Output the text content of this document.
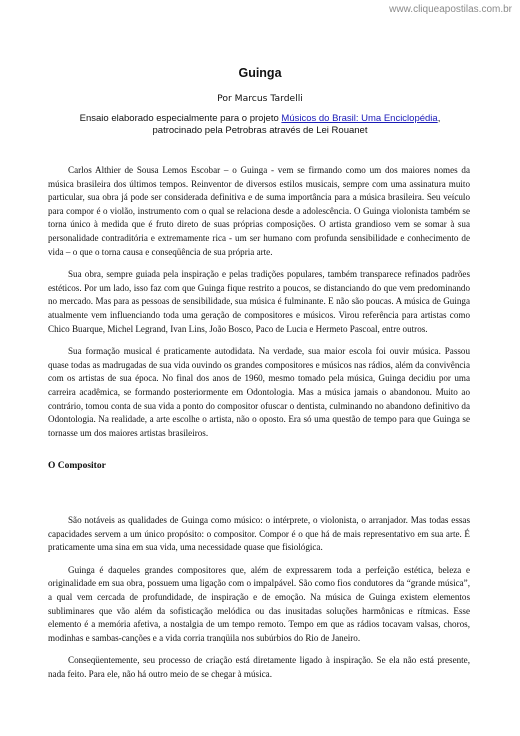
www.cliqueapostilas.com.br
Guinga
Por Marcus Tardelli
Ensaio elaborado especialmente para o projeto Músicos do Brasil: Uma Enciclopédia,
patrocinado pela Petrobras através de Lei Rouanet

Carlos Althier de Sousa Lemos Escobar – o Guinga - vem se firmando como um dos maiores nomes da música brasileira dos últimos tempos. Reinventor de diversos estilos musicais, sempre com uma assinatura muito particular, sua obra já pode ser considerada definitiva e de suma importância para a música brasileira. Seu veículo para compor é o violão, instrumento com o qual se relaciona desde a adolescência. O Guinga violonista também se torna único à medida que é fruto direto de suas próprias composições. O artista grandioso vem se somar à sua personalidade contraditória e extremamente rica - um ser humano com profunda sensibilidade e conhecimento de vida – o que o torna causa e conseqüência de sua própria arte.

Sua obra, sempre guiada pela inspiração e pelas tradições populares, também transparece refinados padrões estéticos. Por um lado, isso faz com que Guinga fique restrito a poucos, se distanciando do que vem predominando no mercado. Mas para as pessoas de sensibilidade, sua música é fulminante. E não são poucas. A música de Guinga atualmente vem influenciando toda uma geração de compositores e músicos. Virou referência para artistas como Chico Buarque, Michel Legrand, Ivan Lins, João Bosco, Paco de Lucia e Hermeto Pascoal, entre outros.

Sua formação musical é praticamente autodidata. Na verdade, sua maior escola foi ouvir música. Passou quase todas as madrugadas de sua vida ouvindo os grandes compositores e músicos nas rádios, além da convivência com os artistas de sua época. No final dos anos de 1960, mesmo tomado pela música, Guinga decidiu por uma carreira acadêmica, se formando posteriormente em Odontologia. Mas a música jamais o abandonou. Muito ao contrário, tomou conta de sua vida a ponto do compositor ofuscar o dentista, culminando no abandono definitivo da Odontologia. Na realidade, a arte escolhe o artista, não o oposto. Era só uma questão de tempo para que Guinga se tornasse um dos maiores artistas brasileiros.

O Compositor

São notáveis as qualidades de Guinga como músico: o intérprete, o violonista, o arranjador. Mas todas essas capacidades servem a um único propósito: o compositor. Compor é o que há de mais representativo em sua arte. É praticamente uma sina em sua vida, uma necessidade quase que fisiológica.

Guinga é daqueles grandes compositores que, além de expressarem toda a perfeição estética, beleza e originalidade em sua obra, possuem uma ligação com o impalpável. São como fios condutores da “grande música”, a qual vem cercada de profundidade, de inspiração e de emoção. Na música de Guinga existem elementos subliminares que vão além da sofisticação melódica ou das inusitadas soluções harmônicas e rítmicas. Esse elemento é a memória afetiva, a nostalgia de um tempo remoto. Tempo em que as rádios tocavam valsas, choros, modinhas e sambas-canções e a vida corria tranqüila nos subúrbios do Rio de Janeiro.

Conseqüentemente, seu processo de criação está diretamente ligado à inspiração. Se ela não está presente, nada feito. Para ele, não há outro meio de se chegar à música.
